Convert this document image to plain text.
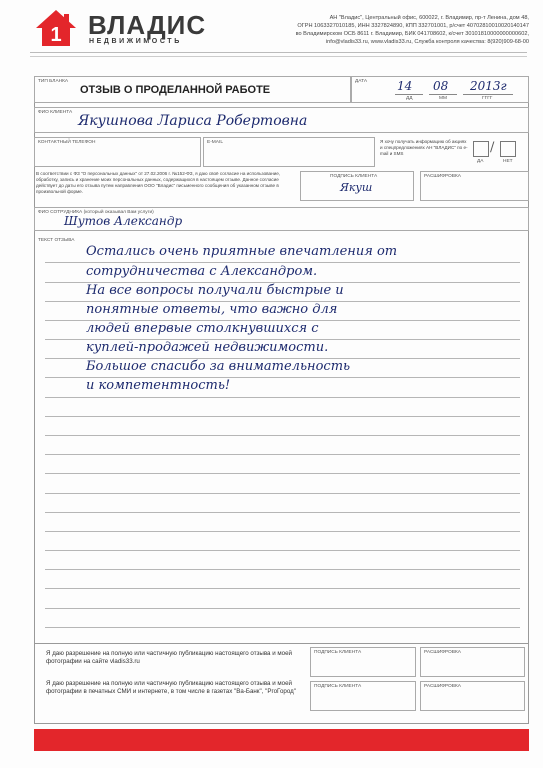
1 ВЛАДИС
НЕДВИЖИМОСТЬ
АН "Владис", Центральный офис, 600022, г. Владимир, пр-т Ленина, дом 48,
ОГРН 1063327010185, ИНН 3327824890, КПП 332701001, р/счет 40702810010020140147
во Владимирском ОСБ 8611 г. Владимир, БИК 041708602, к/счет 30101810000000000602,
info@vladis33.ru, www.vladis33.ru, Служба контроля качества: 8(920)909-68-00
ТИП БЛАНКА
ОТЗЫВ О ПРОДЕЛАННОЙ РАБОТЕ
ДАТА 14 08 2013г
ДД	ММ	ГГГГ
ФИО КЛИЕНТА
Якушнова Лариса Робертовна
КОНТАКТНЫЙ ТЕЛЕФОН	E-MAIL	Я хочу получать информацию об акциях и спецпредложениях АН "ВЛАДИС" по e-mail и SMS	/
ДА	НЕТ
В соответствии с ФЗ "О персональных данных" от 27.02.2006 г. №152-ФЗ, я даю своё согласие на использование, обработку, запись и хранение моих персональных данных, содержащихся в настоящем отзыве. Данное согласие действует до даты его отзыва путем направления ООО "Владис" письменного сообщения об указанном отзыве в произвольной форме.
ПОДПИСЬ КЛИЕНТА
Якуш
РАСШИФРОВКА
ФИО СОТРУДНИКА (который оказывал Вам услуги)
Шутов Александр
ТЕКСТ ОТЗЫВА
Остались очень приятные впечатления от
сотрудничества с Александром.
На все вопросы получали быстрые и
понятные ответы, что важно для
людей впервые столкнувшихся с
куплей-продажей недвижимости.
Большое спасибо за внимательность
и компетентность!
Я даю разрешение на полную или частичную публикацию настоящего отзыва и моей фотографии на сайте vladis33.ru
ПОДПИСЬ КЛИЕНТА	РАСШИФРОВКА
Я даю разрешение на полную или частичную публикацию настоящего отзыва и моей фотографии в печатных СМИ и интернете, в том числе в газетах "Ва-Банк", "РгоГород"
ПОДПИСЬ КЛИЕНТА	РАСШИФРОВКА
